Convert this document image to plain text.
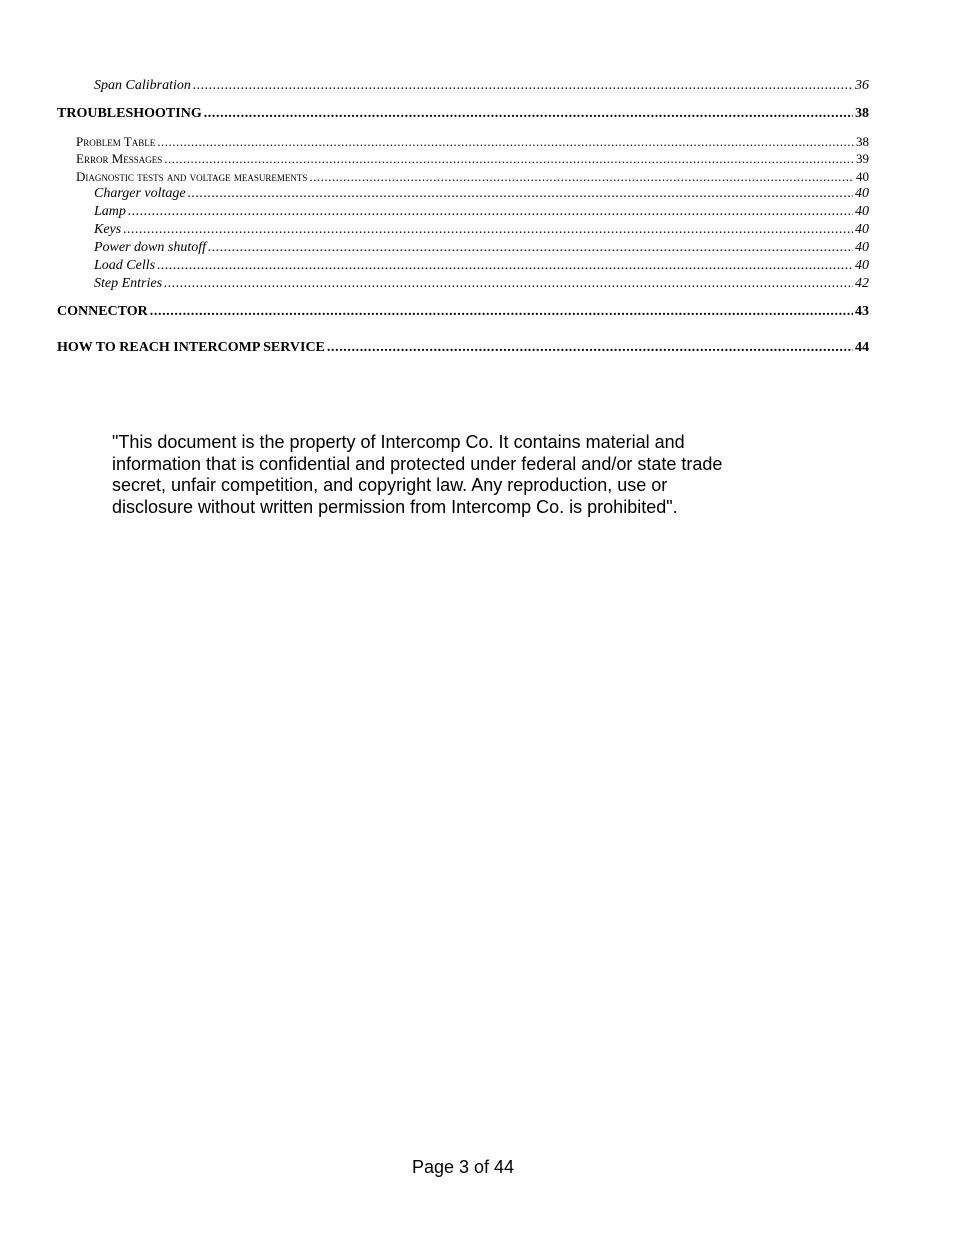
Span Calibration .....	36
TROUBLESHOOTING .....	38
Problem Table .....	38
Error Messages .....	39
Diagnostic tests and voltage measurements .....	40
Charger voltage .....	40
Lamp .....	40
Keys .....	40
Power down shutoff .....	40
Load Cells .....	40
Step Entries .....	42
CONNECTOR .....	43
HOW TO REACH INTERCOMP SERVICE .....	44
"This document is the property of Intercomp Co. It contains material and
information that is confidential and protected under federal and/or state trade
secret, unfair competition, and copyright law. Any reproduction, use or
disclosure without written permission from Intercomp Co. is prohibited".
Page 3 of 44
